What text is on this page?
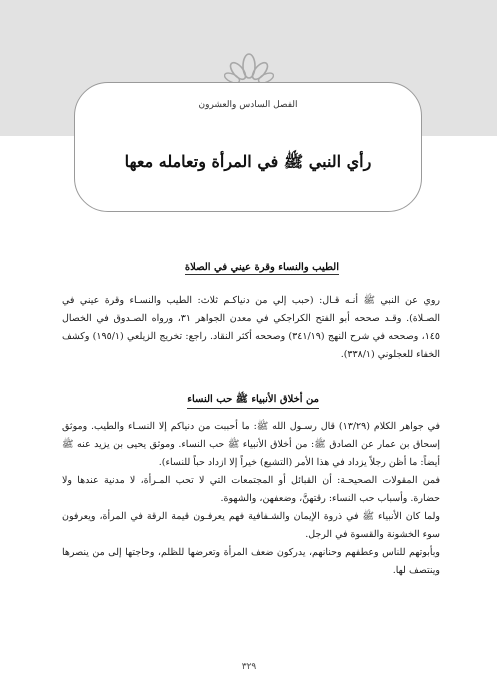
الفصل السادس والعشرون
رأي النبي ﷺ في المرأة وتعامله معها
الطيب والنساء وقرة عيني في الصلاة

روي عن النبي ﷺ أنـه قـال: (حبب إلي من دنياكـم ثلاث: الطيب والنسـاء وقرة عيني في الصـلاة). وقـد صححه أبو الفتح الكراجكي في معدن الجواهر ٣١، ورواه الصـدوق في الخصال ١٤٥، وصححه في شرح النهج (٣٤١/١٩) وصححه أكثر النقاد. راجع: تخريج الزيلعي (١٩٥/١) وكشف الخفاء للعجلوني (٣٣٨/١).

من أخلاق الأنبياء ﷺ حب النساء

في جواهر الكلام (١٣/٢٩) قال رسـول الله ﷺ: ما أحببت من دنياكم إلا النسـاء والطيب. وموثق إسحاق بن عمار عن الصادق ﷺ: من أخلاق الأنبياء ﷺ حب النساء. وموثق يحيى بن يزيد عنه ﷺ أيضاً: ما أظن رجلاً يزداد في هذا الأمر (التشيع) خيراً إلا ازداد حباً للنساء).

فمن المقولات الصحيحـة: أن القبائل أو المجتمعات التي لا تحب المـرأة، لا مدنية عندها ولا حضارة. وأسباب حب النساء: رقتهنَّ، وضعفهن، والشهوة.

ولما كان الأنبياء ﷺ في ذروة الإيمان والشـفافية فهم يعرفـون قيمة الرقة في المرأة، ويعرفون سوء الخشونة والقسوة في الرجل.

وبأبوتهم للناس وعطفهم وحنانهم، يدركون ضعف المرأة وتعرضها للظلم، وحاجتها إلى من ينصرها وينتصف لها.

٣٢٩
